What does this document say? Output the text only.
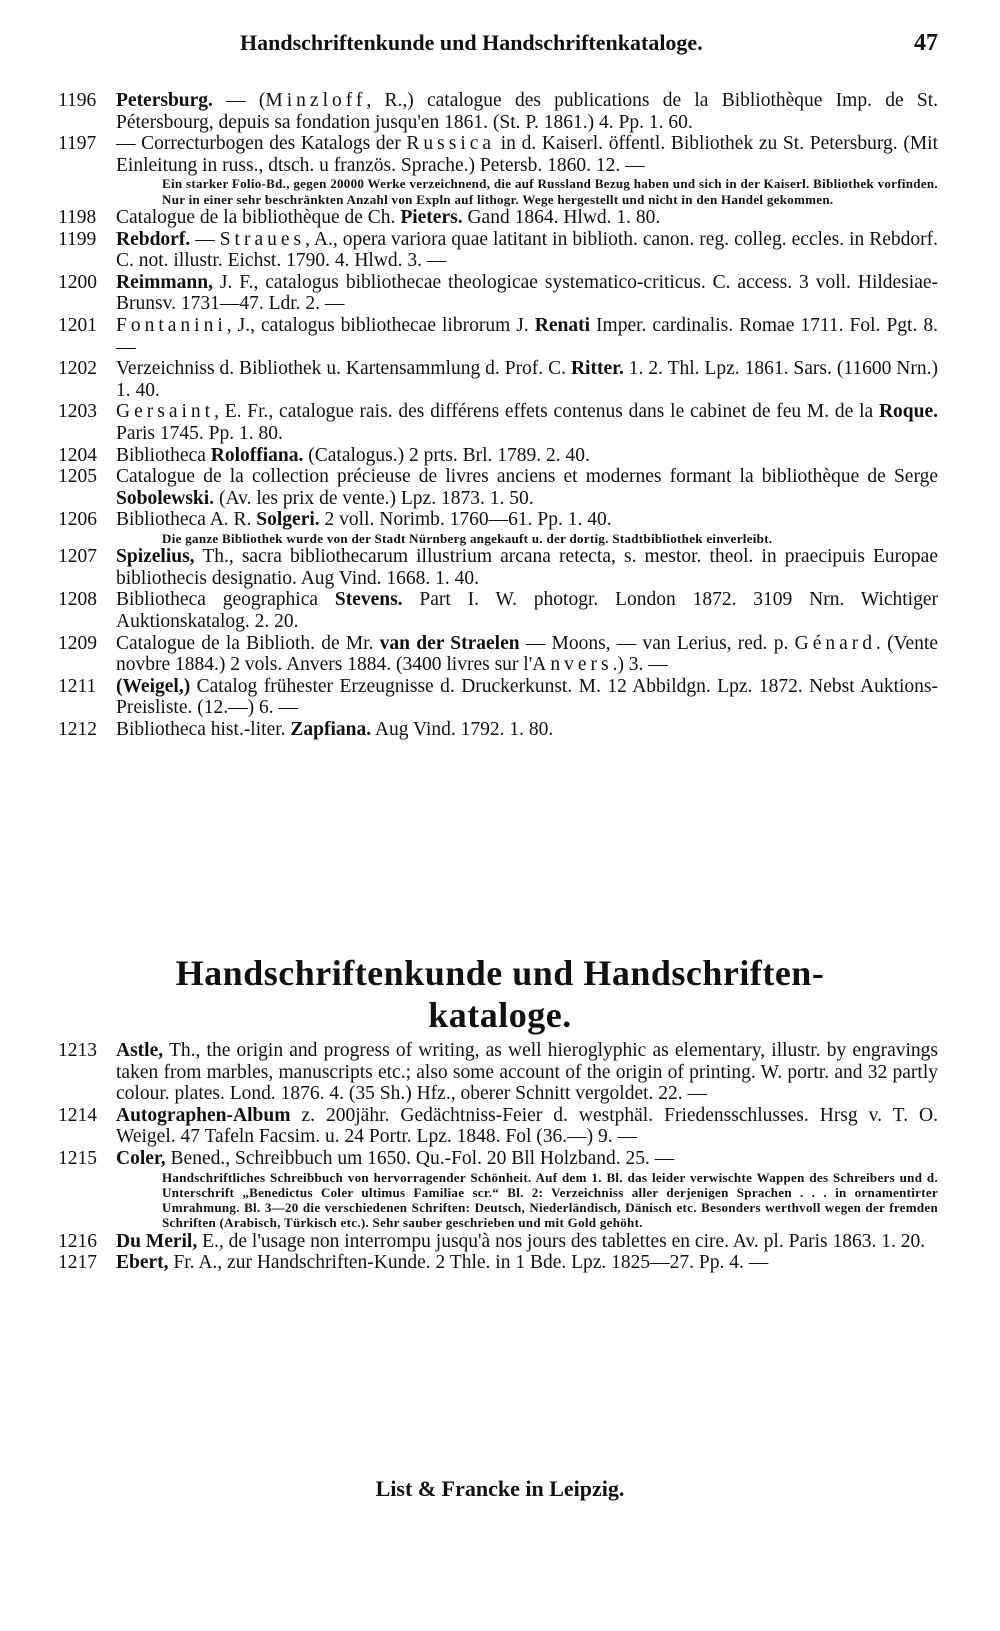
Handschriftenkunde und Handschriftenkataloge.	47
1196	Petersburg. — (Minzloff, R.,) catalogue des publications de la Bibliothèque Imp. de St. Pétersbourg, depuis sa fondation jusqu'en 1861. (St. P. 1861.) 4. Pp. 1. 60.
1197	— Correcturbogen des Katalogs der Russica in d. Kaiserl. öffentl. Bibliothek zu St. Petersburg. (Mit Einleitung in russ., dtsch. u französ. Sprache.) Petersb. 1860. 12. —
Ein starker Folio-Bd., gegen 20000 Werke verzeichnend, die auf Russland Bezug haben und sich in der Kaiserl. Bibliothek vorfinden. Nur in einer sehr beschränkten Anzahl von Expln auf lithogr. Wege hergestellt und nicht in den Handel gekommen.
1198	Catalogue de la bibliothèque de Ch. Pieters. Gand 1864. Hlwd. 1. 80.
1199	Rebdorf. — Straues, A., opera variora quae latitant in biblioth. canon. reg. colleg. eccles. in Rebdorf. C. not. illustr. Eichst. 1790. 4. Hlwd. 3. —
1200 Reimmann, J. F., catalogus bibliothecae theologicae systematico-criticus. C. access. 3 voll. Hildesiae-Brunsv. 1731—47. Ldr. 2. —
1201 Fontanini, J., catalogus bibliothecae librorum J. Renati Imper. cardinalis. Romae 1711. Fol. Pgt. 8. —
1202 Verzeichniss d. Bibliothek u. Kartensammlung d. Prof. C. Ritter. 1. 2. Thl. Lpz. 1861. Sars. (11600 Nrn.) 1. 40.
1203 Gersaint, E. Fr., catalogue rais. des différens effets contenus dans le cabinet de feu M. de la Roque. Paris 1745. Pp. 1. 80.
1204 Bibliotheca Roloffiana. (Catalogus.) 2 prts. Brl. 1789. 2. 40.
1205 Catalogue de la collection précieuse de livres anciens et modernes formant la bibliothèque de Serge Sobolewski. (Av. les prix de vente.) Lpz. 1873. 1. 50.
1206 Bibliotheca A. R. Solgeri. 2 voll. Norimb. 1760—61. Pp. 1. 40.
Die ganze Bibliothek wurde von der Stadt Nürnberg angekauft u. der dortig. Stadtbibliothek einverleibt.
1207 Spizelius, Th., sacra bibliothecarum illustrium arcana retecta, s. mestor. theol. in praecipuis Europae bibliothecis designatio. Aug Vind. 1668. 1. 40.
1208 Bibliotheca geographica Stevens. Part I. W. photogr. London 1872. 3109 Nrn. Wichtiger Auktionskatalog. 2. 20.
1209 Catalogue de la Biblioth. de Mr. van der Straelen — Moons, — van Lerius, red. p. Génard. (Vente novbre 1884.) 2 vols. Anvers 1884. (3400 livres sur l'Anvers.) 3. —
1211	(Weigel,) Catalog frühester Erzeugnisse d. Druckerkunst. M. 12 Abbildgn. Lpz. 1872. Nebst Auktions-Preisliste. (12.—) 6. —
1212 Bibliotheca hist.-liter. Zapfiana. Aug Vind. 1792. 1. 80.
Handschriftenkunde und Handschriften-
kataloge.
1213 Astle, Th., the origin and progress of writing, as well hieroglyphic as elementary, illustr. by engravings taken from marbles, manuscripts etc.; also some account of the origin of printing. W. portr. and 32 partly colour. plates. Lond. 1876. 4. (35 Sh.) Hfz., oberer Schnitt vergoldet. 22. —
1214 Autographen-Album z. 200jähr. Gedächtniss-Feier d. westphäl. Friedensschlusses. Hrsg v. T. O. Weigel. 47 Tafeln Facsim. u. 24 Portr. Lpz. 1848. Fol (36.—) 9. —
1215 Coler, Bened., Schreibbuch um 1650. Qu.-Fol. 20 Bll Holzband. 25. —
Handschriftliches Schreibbuch von hervorragender Schönheit. Auf dem 1. Bl. das leider verwischte Wappen des Schreibers und d. Unterschrift „Benedictus Coler ultimus Familiae scr.“ Bl. 2: Verzeichniss aller derjenigen Sprachen . . . in ornamentirter Umrahmung. Bl. 3—20 die verschiedenen Schriften: Deutsch, Niederländisch, Dänisch etc. Besonders werthvoll wegen der fremden Schriften (Arabisch, Türkisch etc.). Sehr sauber geschrieben und mit Gold gehöht.
1216 Du Meril, E., de l'usage non interrompu jusqu'à nos jours des tablettes en cire. Av. pl. Paris 1863. 1. 20.
1217 Ebert, Fr. A., zur Handschriften-Kunde. 2 Thle. in 1 Bde. Lpz. 1825—27. Pp. 4. —
List & Francke in Leipzig.
